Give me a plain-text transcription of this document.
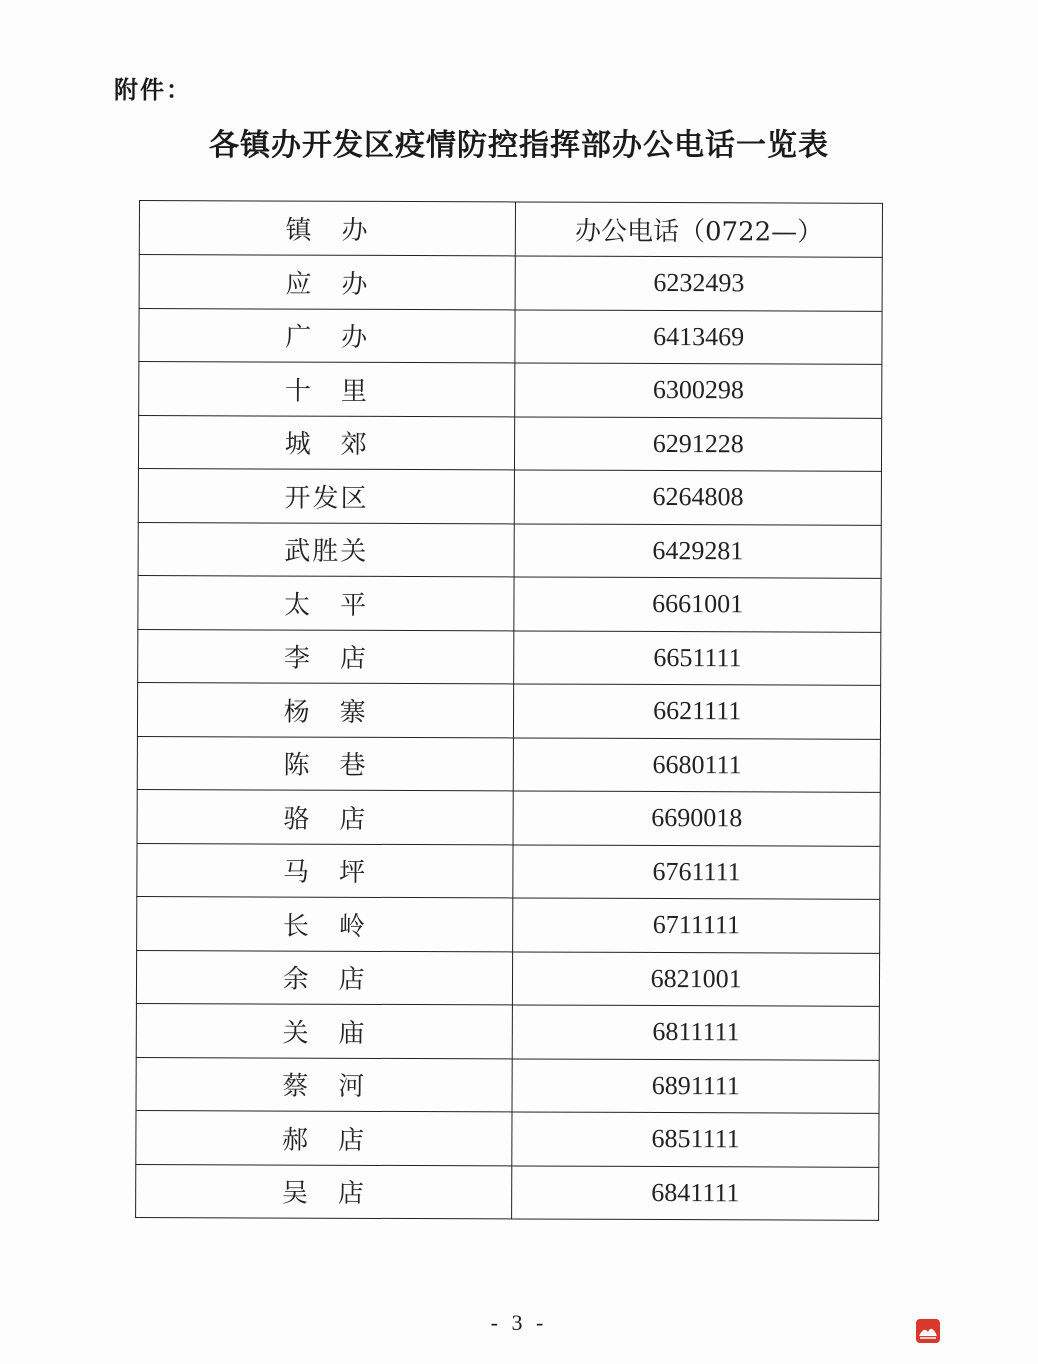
附件：
各镇办开发区疫情防控指挥部办公电话一览表
镇　办	办公电话（0722—）
应　办	6232493
广　办	6413469
十　里	6300298
城　郊	6291228
开发区	6264808
武胜关	6429281
太　平	6661001
李　店	6651111
杨　寨	6621111
陈　巷	6680111
骆　店	6690018
马　坪	6761111
长　岭	6711111
余　店	6821001
关　庙	6811111
蔡　河	6891111
郝　店	6851111
吴　店	6841111
- 3 -
